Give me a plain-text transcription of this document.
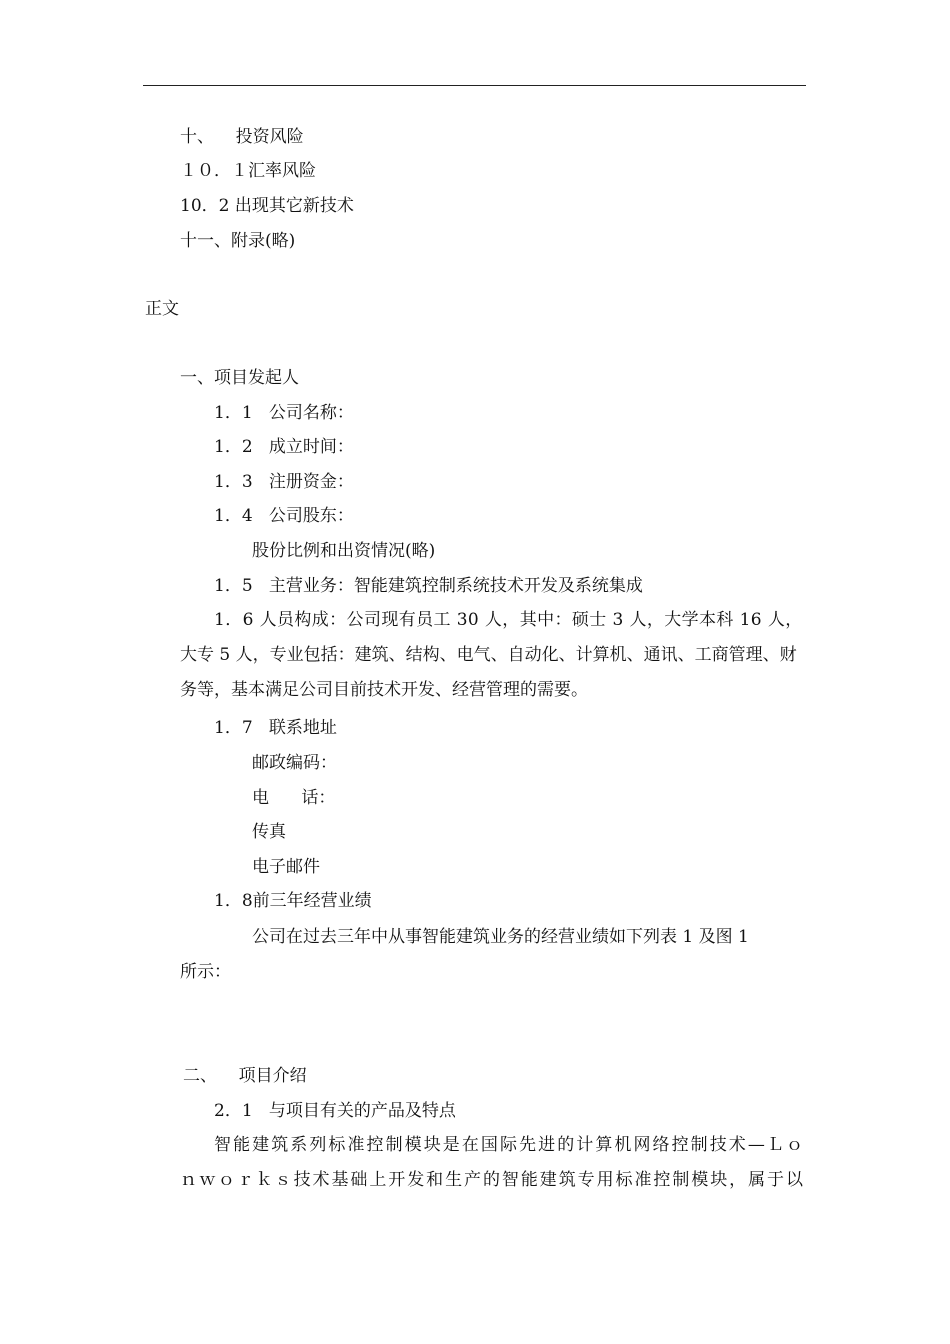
十、    投资风险
１０．１汇率风险
10．2 出现其它新技术
十一、附录(略)
正文
一、项目发起人
1．1   公司名称：
1．2   成立时间：
1．3   注册资金：
1．4   公司股东：
股份比例和出资情况(略)
1．5   主营业务：智能建筑控制系统技术开发及系统集成
1．6 人员构成：公司现有员工 30 人，其中：硕士 3 人，大学本科 16 人，
大专 5 人，专业包括：建筑、结构、电气、自动化、计算机、通讯、工商管理、财
务等，基本满足公司目前技术开发、经营管理的需要。
1．7   联系地址
邮政编码：
电      话：
传真
电子邮件
1．8前三年经营业绩
公司在过去三年中从事智能建筑业务的经营业绩如下列表 1 及图 1
所示：
二、    项目介绍
2．1   与项目有关的产品及特点
智能建筑系列标准控制模块是在国际先进的计算机网络控制技术—Ｌｏ
ｎｗｏｒｋｓ技术基础上开发和生产的智能建筑专用标准控制模块，属于以
